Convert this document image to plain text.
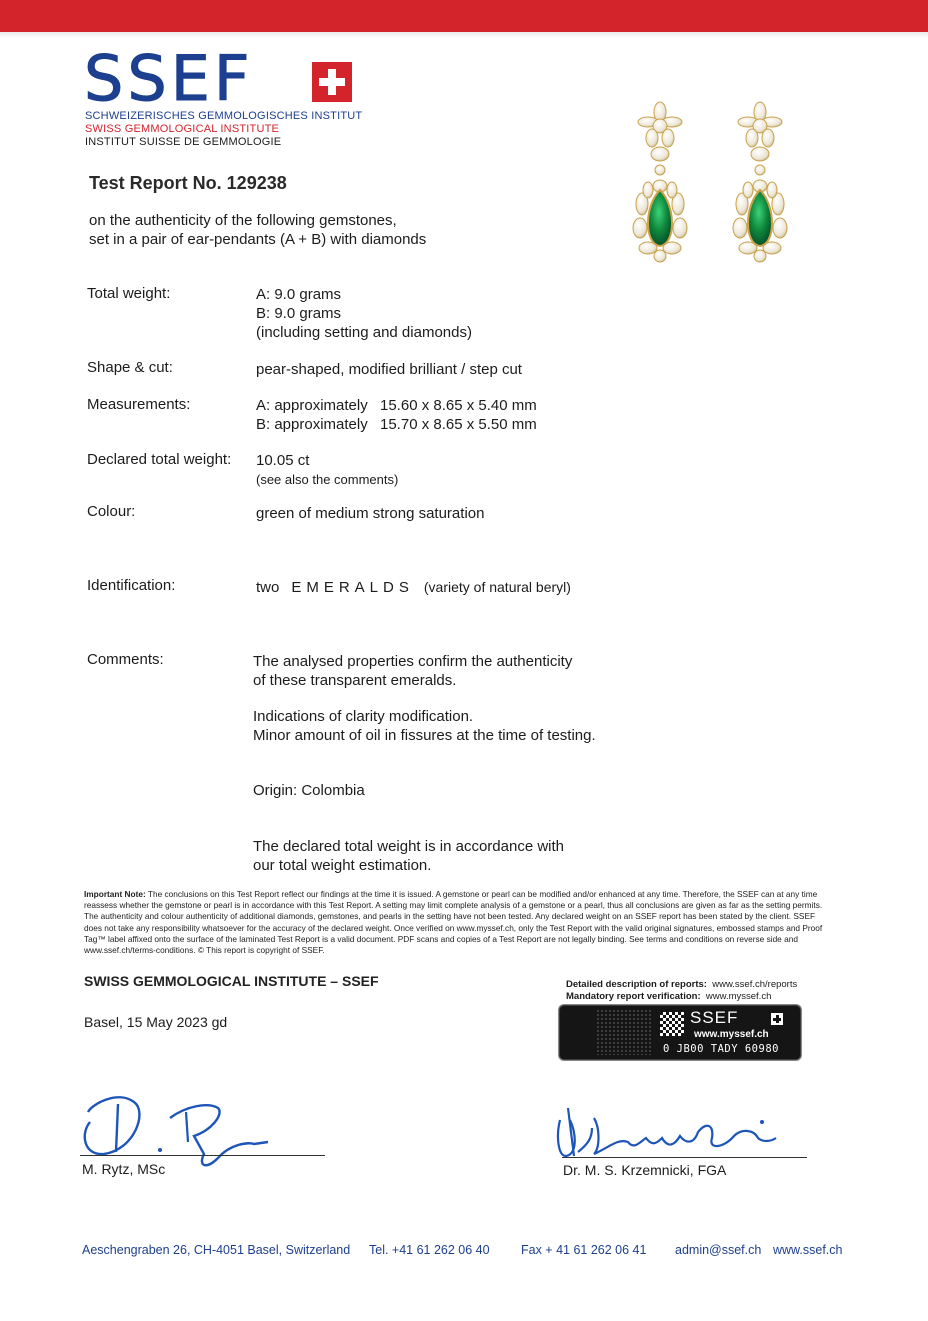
SSEF
SCHWEIZERISCHES GEMMOLOGISCHES INSTITUT
SWISS GEMMOLOGICAL INSTITUTE
INSTITUT SUISSE DE GEMMOLOGIE
Test Report No. 129238
on the authenticity of the following gemstones,
set in a pair of ear-pendants (A + B) with diamonds
Total weight:	A: 9.0 grams
B: 9.0 grams
(including setting and diamonds)
Shape & cut:	pear-shaped, modified brilliant / step cut
Measurements:	A: approximately 15.60 x 8.65 x 5.40 mm
B: approximately 15.70 x 8.65 x 5.50 mm
Declared total weight: 10.05 ct
(see also the comments)
Colour:	green of medium strong saturation
Identification:	two EMERALDS (variety of natural beryl)
Comments:	The analysed properties confirm the authenticity
of these transparent emeralds.
Indications of clarity modification.
Minor amount of oil in fissures at the time of testing.
Origin: Colombia
The declared total weight is in accordance with
our total weight estimation.
Important Note: The conclusions on this Test Report reflect our findings at the time it is issued. A gemstone or pearl can be modified and/or enhanced at any time. Therefore, the SSEF can at any time reassess whether the gemstone or pearl is in accordance with this Test Report. A setting may limit complete analysis of a gemstone or a pearl, thus all conclusions are given as far as the setting permits. The authenticity and colour authenticity of additional diamonds, gemstones, and pearls in the setting have not been tested. Any declared weight on an SSEF report has been stated by the client. SSEF does not take any responsibility whatsoever for the accuracy of the declared weight. Once verified on www.myssef.ch, only the Test Report with the valid original signatures, embossed stamps and Proof Tag™ label affixed onto the surface of the laminated Test Report is a valid document. PDF scans and copies of a Test Report are not legally binding. See terms and conditions on reverse side and www.ssef.ch/terms-conditions. © This report is copyright of SSEF.
SWISS GEMMOLOGICAL INSTITUTE – SSEF
Basel, 15 May 2023 gd
Detailed description of reports: www.ssef.ch/reports
Mandatory report verification: www.myssef.ch
SSEF
www.myssef.ch
0 JB00 TADY 60980
M. Rytz, MSc	Dr. M. S. Krzemnicki, FGA
Aeschengraben 26, CH-4051 Basel, Switzerland Tel. +41 61 262 06 40	Fax + 41 61 262 06 41 admin@ssef.ch www.ssef.ch
